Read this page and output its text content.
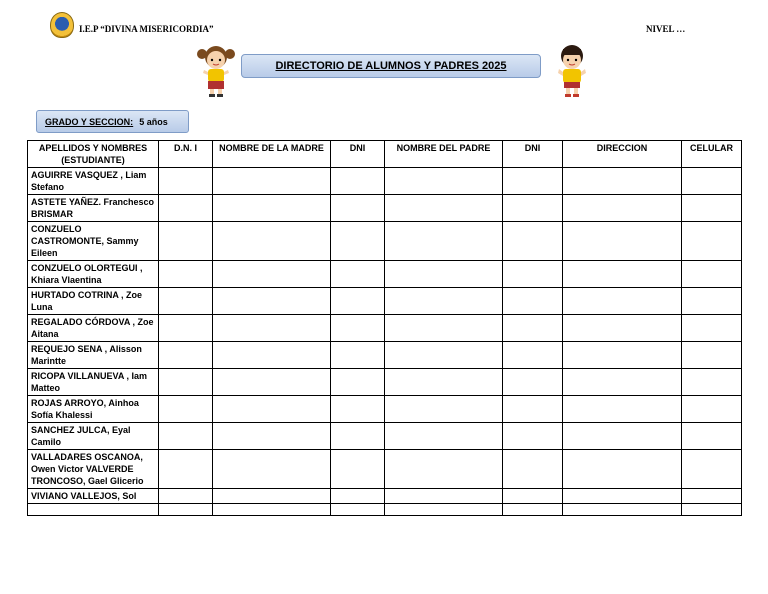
I.E.P “DIVINA MISERICORDIA”	NIVEL …
DIRECTORIO DE ALUMNOS Y PADRES 2025
GRADO Y SECCION: 5 años
APELLIDOS Y NOMBRES (ESTUDIANTE)	D.N. I	NOMBRE DE LA MADRE	DNI	NOMBRE DEL PADRE	DNI	DIRECCION	CELULAR
AGUIRRE VASQUEZ , Liam Stefano							
ASTETE YAÑEZ. Franchesco BRISMAR							
CONZUELO CASTROMONTE, Sammy Eileen							
CONZUELO OLORTEGUI , Khiara Vlaentina							
HURTADO COTRINA , Zoe Luna							
REGALADO CÓRDOVA , Zoe Aitana							
REQUEJO SENA , Alisson Marintte							
RICOPA VILLANUEVA , Iam Matteo							
ROJAS ARROYO, Ainhoa Sofía Khalessi							
SANCHEZ JULCA, Eyal Camilo							
VALLADARES OSCANOA, Owen Victor VALVERDE TRONCOSO, Gael Glicerio							
VIVIANO VALLEJOS, Sol							
